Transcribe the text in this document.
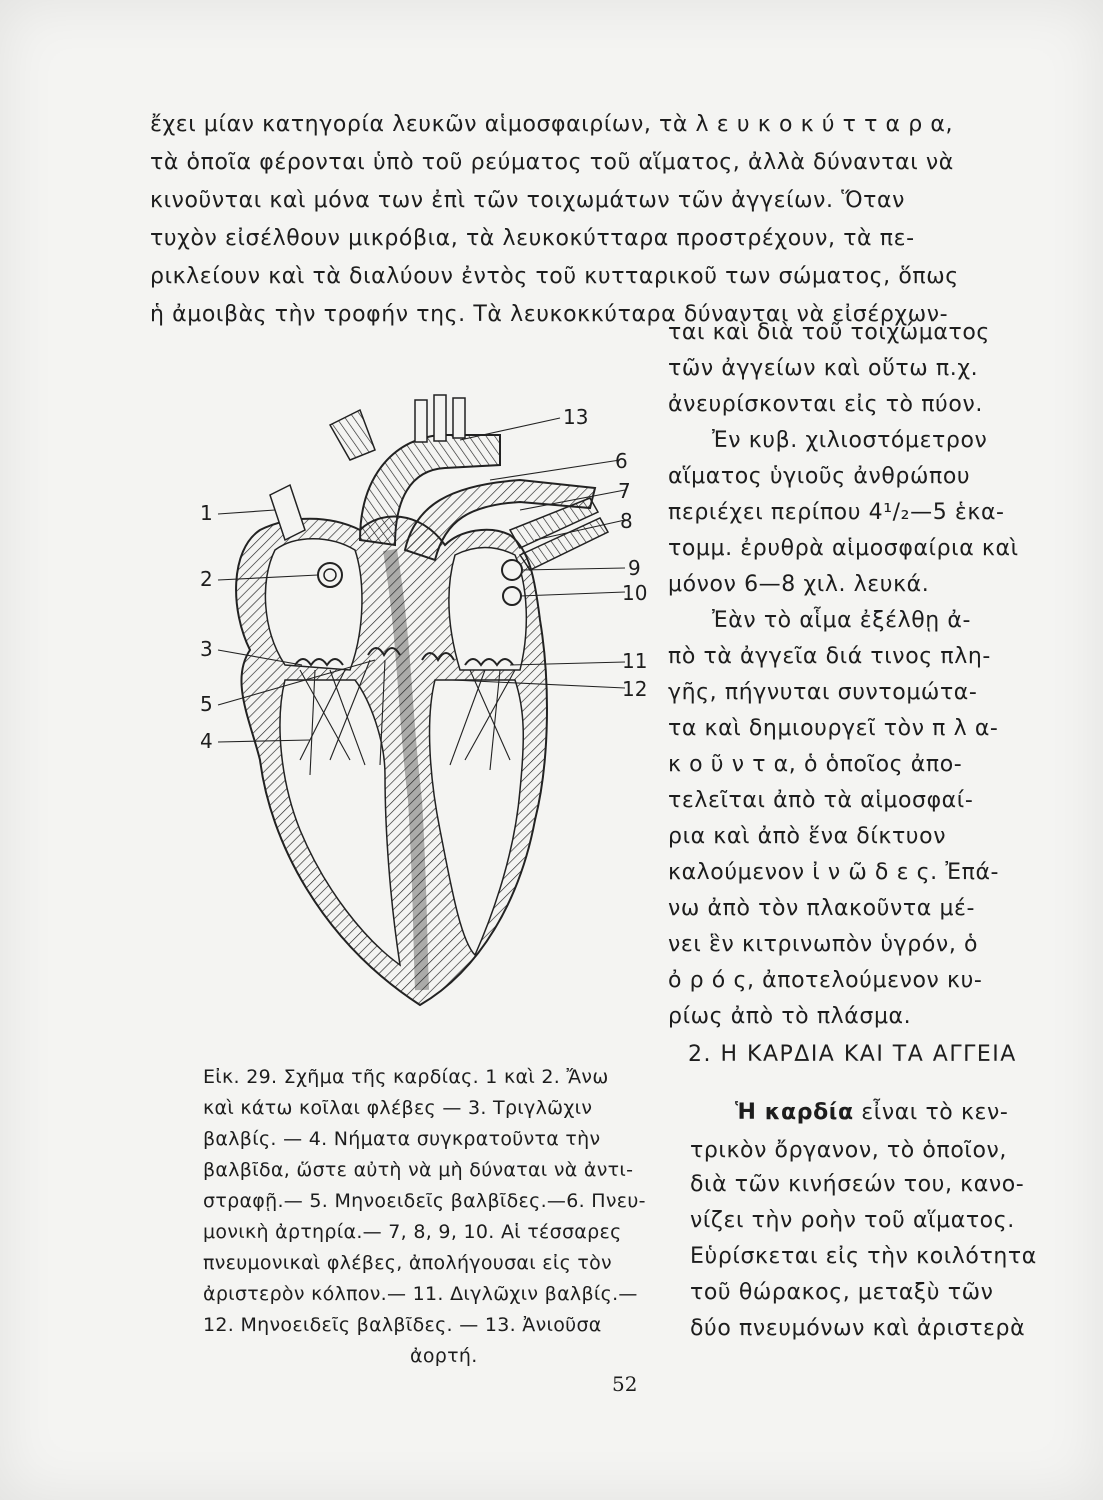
ἔχει μίαν κατηγορία λευκῶν αἱμοσφαιρίων, τὰ λ ε υ κ ο κ ύ τ τ α ρ α,
τὰ ὁποῖα φέρονται ὑπὸ τοῦ ρεύματος τοῦ αἵματος, ἀλλὰ δύνανται νὰ
κινοῦνται καὶ μόνα των ἐπὶ τῶν τοιχωμάτων τῶν ἀγγείων. Ὅταν
τυχὸν εἰσέλθουν μικρόβια, τὰ λευκοκύτταρα προστρέχουν, τὰ πε-
ρικλείουν καὶ τὰ διαλύουν ἐντὸς τοῦ κυτταρικοῦ των σώματος, ὅπως
ἡ ἀμοιβὰς τὴν τροφήν της. Τὰ λευκοκκύταρα δύνανται νὰ εἰσέρχων-
ται καὶ διὰ τοῦ τοιχώματος
τῶν ἀγγείων καὶ οὕτω π.χ.
ἀνευρίσκονται εἰς τὸ πύον.
Ἐν κυβ. χιλιοστόμετρον
αἵματος ὑγιοῦς ἀνθρώπου
περιέχει περίπου 4¹/₂—5 ἑκα-
τομμ. ἐρυθρὰ αἱμοσφαίρια καὶ
μόνον 6—8 χιλ. λευκά.
Ἐὰν τὸ αἷμα ἐξέλθῃ ἀ-
πὸ τὰ ἀγγεῖα διά τινος πλη-
γῆς, πήγνυται συντομώτα-
τα καὶ δημιουργεῖ τὸν π λ α-
κ ο ῦ ν τ α, ὁ ὁποῖος ἀπο-
τελεῖται ἀπὸ τὰ αἱμοσφαί-
ρια καὶ ἀπὸ ἕνα δίκτυον
καλούμενον ἰ ν ῶ δ ε ς. Ἐπά-
νω ἀπὸ τὸν πλακοῦντα μέ-
νει ἓν κιτρινωπὸν ὑγρόν, ὁ
ὀ ρ ό ς, ἀποτελούμενον κυ-
ρίως ἀπὸ τὸ πλάσμα.
2. Η ΚΑΡΔΙΑ ΚΑΙ ΤΑ ΑΓΓΕΙΑ
Ἡ καρδία εἶναι τὸ κεν-
τρικὸν ὄργανον, τὸ ὁποῖον,
διὰ τῶν κινήσεών του, κανο-
νίζει τὴν ροὴν τοῦ αἵματος.
Εὑρίσκεται εἰς τὴν κοιλότητα
τοῦ θώρακος, μεταξὺ τῶν
δύο πνευμόνων καὶ ἀριστερὰ
1
2
3
5
4
13
6
7
8
9
10
11
12
Εἰκ. 29. Σχῆμα τῆς καρδίας. 1 καὶ 2. Ἄνω
καὶ κάτω κοῖλαι φλέβες — 3. Τριγλῶχιν
βαλβίς. — 4. Νήματα συγκρατοῦντα τὴν
βαλβῖδα, ὥστε αὐτὴ νὰ μὴ δύναται νὰ ἀντι-
στραφῇ.— 5. Μηνοειδεῖς βαλβῖδες.—6. Πνευ-
μονικὴ ἀρτηρία.— 7, 8, 9, 10. Αἱ τέσσαρες
πνευμονικαὶ φλέβες, ἀπολήγουσαι εἰς τὸν
ἀριστερὸν κόλπον.— 11. Διγλῶχιν βαλβίς.—
12. Μηνοειδεῖς βαλβῖδες. — 13. Ἀνιοῦσα
ἀορτή.
52
